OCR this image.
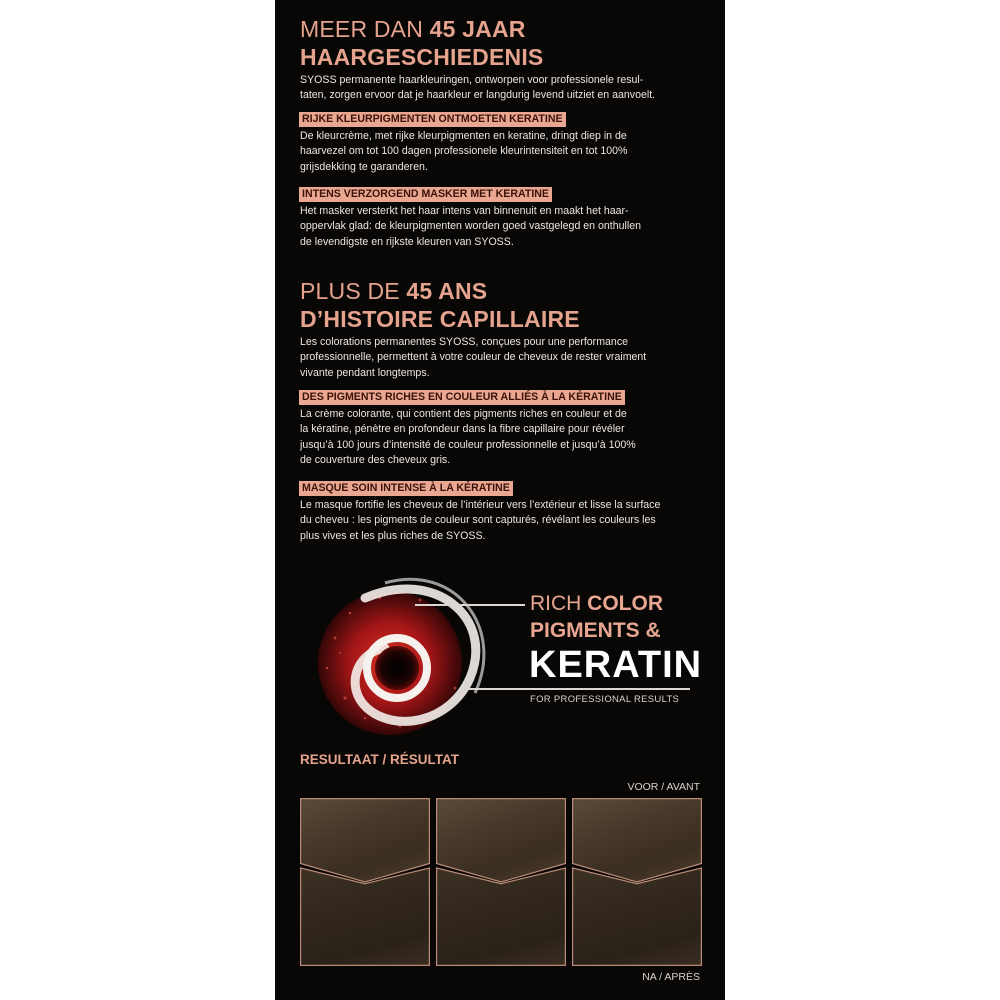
MEER DAN 45 JAAR
HAARGESCHIEDENIS
SYOSS permanente haarkleuringen, ontworpen voor professionele resul-
taten, zorgen ervoor dat je haarkleur er langdurig levend uitziet en aanvoelt.
RIJKE KLEURPIGMENTEN ONTMOETEN KERATINE
De kleurcrème, met rijke kleurpigmenten en keratine, dringt diep in de
haarvezel om tot 100 dagen professionele kleurintensiteit en tot 100%
grijsdekking te garanderen.
INTENS VERZORGEND MASKER MET KERATINE
Het masker versterkt het haar intens van binnenuit en maakt het haar-
oppervlak glad: de kleurpigmenten worden goed vastgelegd en onthullen
de levendigste en rijkste kleuren van SYOSS.
PLUS DE 45 ANS
D’HISTOIRE CAPILLAIRE
Les colorations permanentes SYOSS, conçues pour une performance
professionnelle, permettent à votre couleur de cheveux de rester vraiment
vivante pendant longtemps.
DES PIGMENTS RICHES EN COULEUR ALLIÉS À LA KÉRATINE
La crème colorante, qui contient des pigments riches en couleur et de
la kératine, pénètre en profondeur dans la fibre capillaire pour révéler
jusqu’à 100 jours d’intensité de couleur professionnelle et jusqu’à 100%
de couverture des cheveux gris.
MASQUE SOIN INTENSE À LA KÉRATINE
Le masque fortifie les cheveux de l’intérieur vers l’extérieur et lisse la surface
du cheveu : les pigments de couleur sont capturés, révélant les couleurs les
plus vives et les plus riches de SYOSS.
RICH COLOR
PIGMENTS &
KERATIN
FOR PROFESSIONAL RESULTS
RESULTAAT / RÉSULTAT
VOOR / AVANT
NA / APRÈS
